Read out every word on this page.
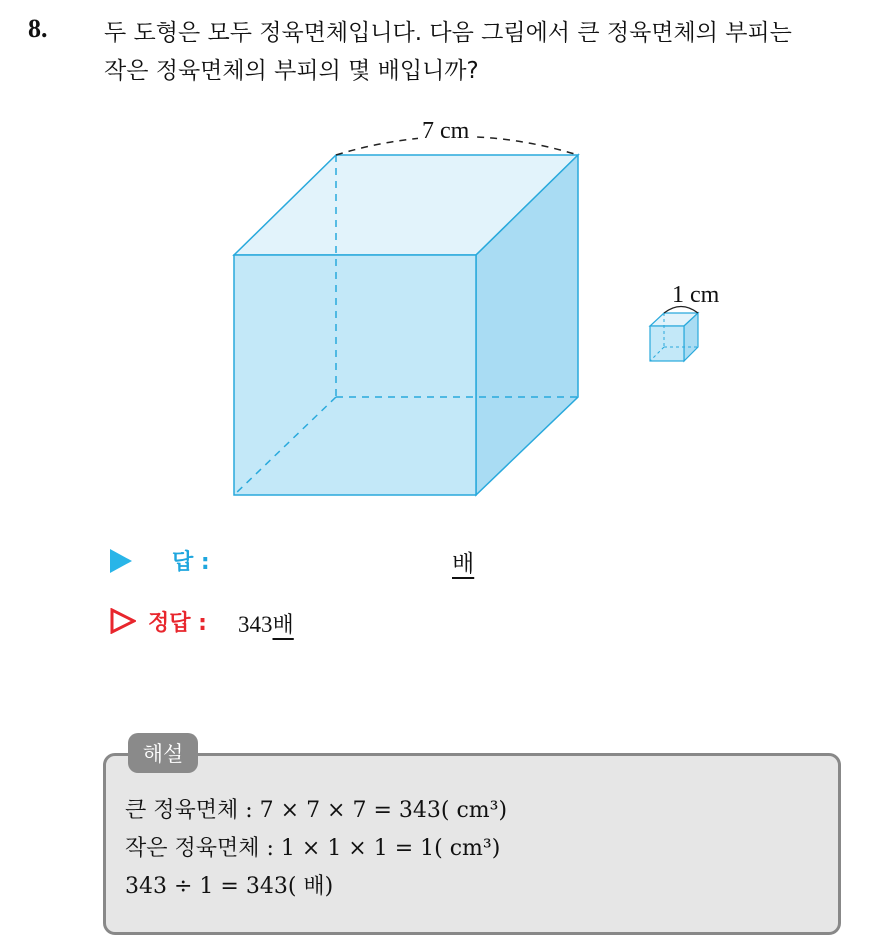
8. 두 도형은 모두 정육면체입니다. 다음 그림에서 큰 정육면체의 부피는
작은 정육면체의 부피의 몇 배입니까?
7 cm
1 cm
답 :	배
정답 : 343배
해설
큰 정육면체 : 7 × 7 × 7 = 343( cm³)
작은 정육면체 : 1 × 1 × 1 = 1( cm³)
343 ÷ 1 = 343( 배)
